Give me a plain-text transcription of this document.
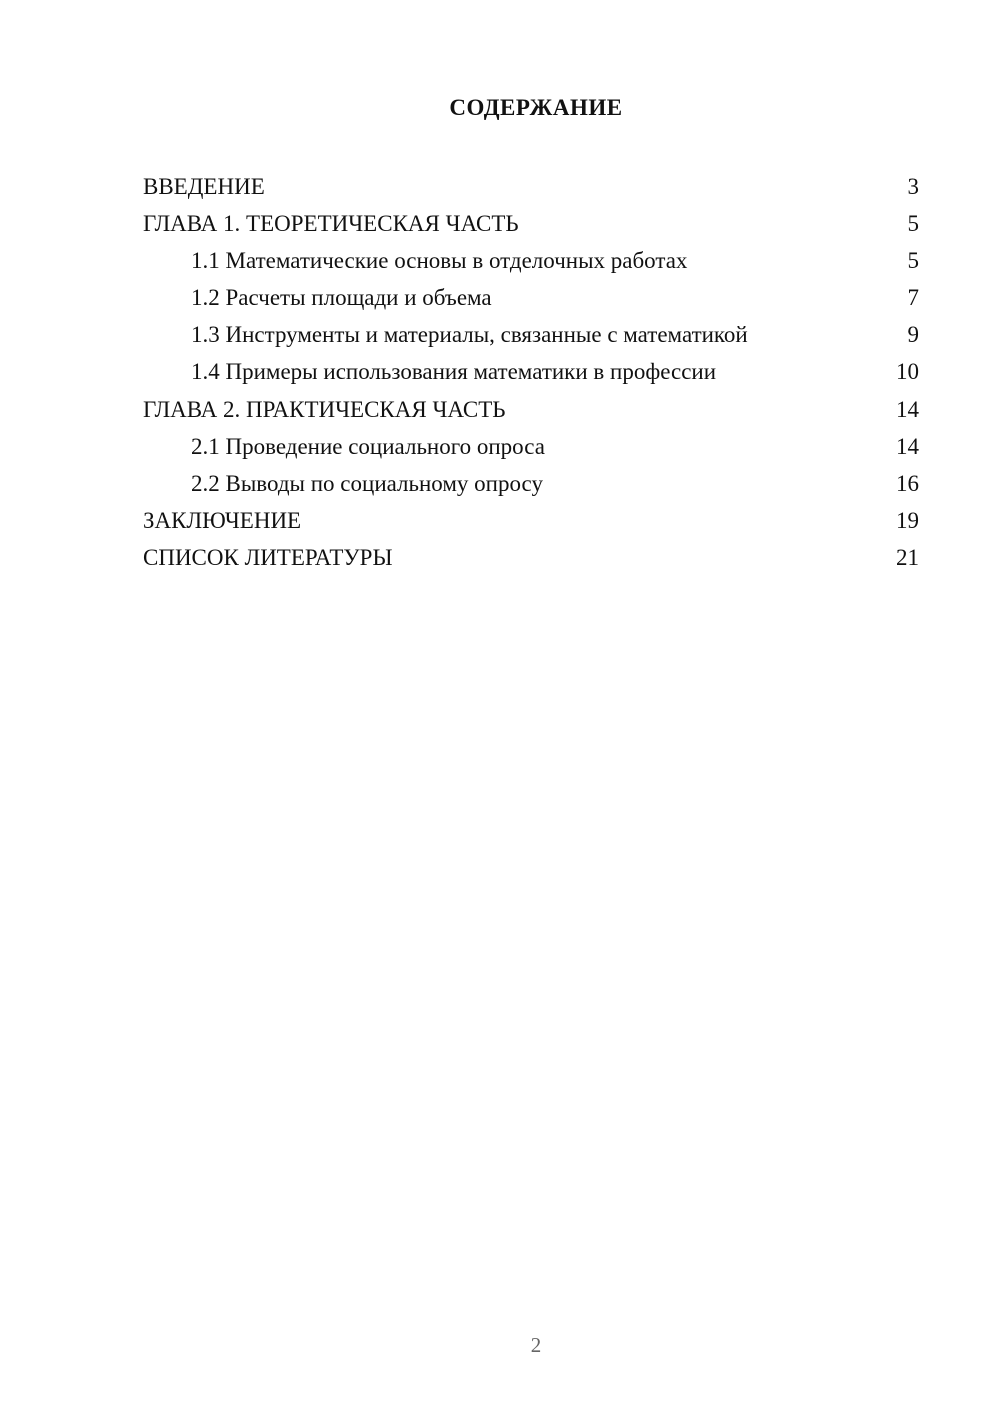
СОДЕРЖАНИЕ
ВВЕДЕНИЕ	3
ГЛАВА 1. ТЕОРЕТИЧЕСКАЯ ЧАСТЬ	5
1.1 Математические основы в отделочных работах	5
1.2 Расчеты площади и объема	7
1.3 Инструменты и материалы, связанные с математикой	9
1.4 Примеры использования математики в профессии	10
ГЛАВА 2. ПРАКТИЧЕСКАЯ ЧАСТЬ	14
2.1 Проведение социального опроса	14
2.2 Выводы по социальному опросу	16
ЗАКЛЮЧЕНИЕ	19
СПИСОК ЛИТЕРАТУРЫ	21
2
